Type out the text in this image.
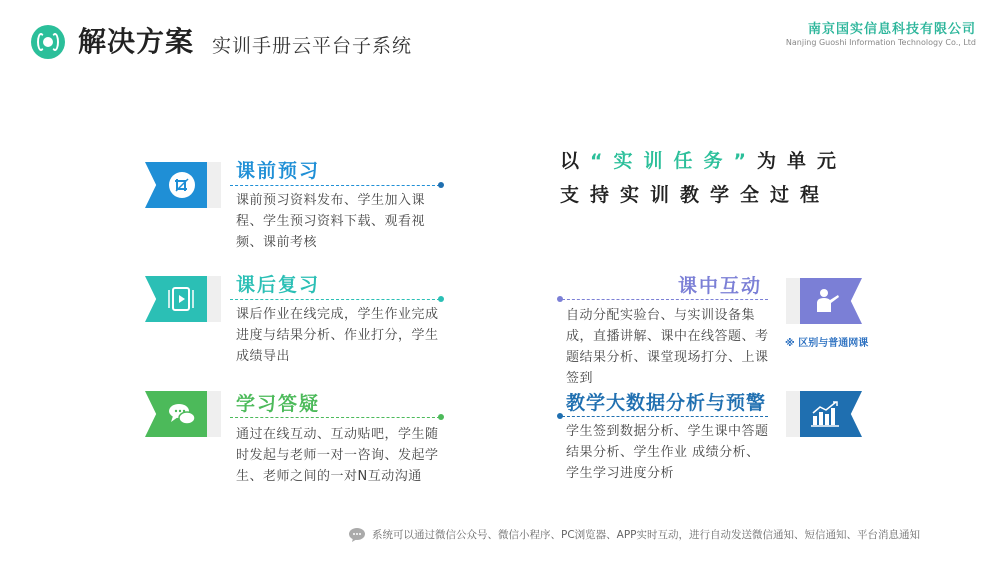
解决方案 实训手册云平台子系统
南京国实信息科技有限公司
Nanjing Guoshi Information Technology Co., Ltd
课前预习
课前预习资料发布、学生加入课程、学生预习资料下载、观看视频、课前考核
课后复习
课后作业在线完成，学生作业完成进度与结果分析、作业打分，学生成绩导出
学习答疑
通过在线互动、互动贴吧，学生随时发起与老师一对一咨询、发起学生、老师之间的一对N互动沟通
以“实训任务”为单元
支持实训教学全过程
课中互动
自动分配实验台、与实训设备集成，直播讲解、课中在线答题、考题结果分析、课堂现场打分、上课签到
※ 区别与普通网课
教学大数据分析与预警
学生签到数据分析、学生课中答题结果分析、学生作业 成绩分析、学生学习进度分析
系统可以通过微信公众号、微信小程序、PC浏览器、APP实时互动，进行自动发送微信通知、短信通知、平台消息通知
